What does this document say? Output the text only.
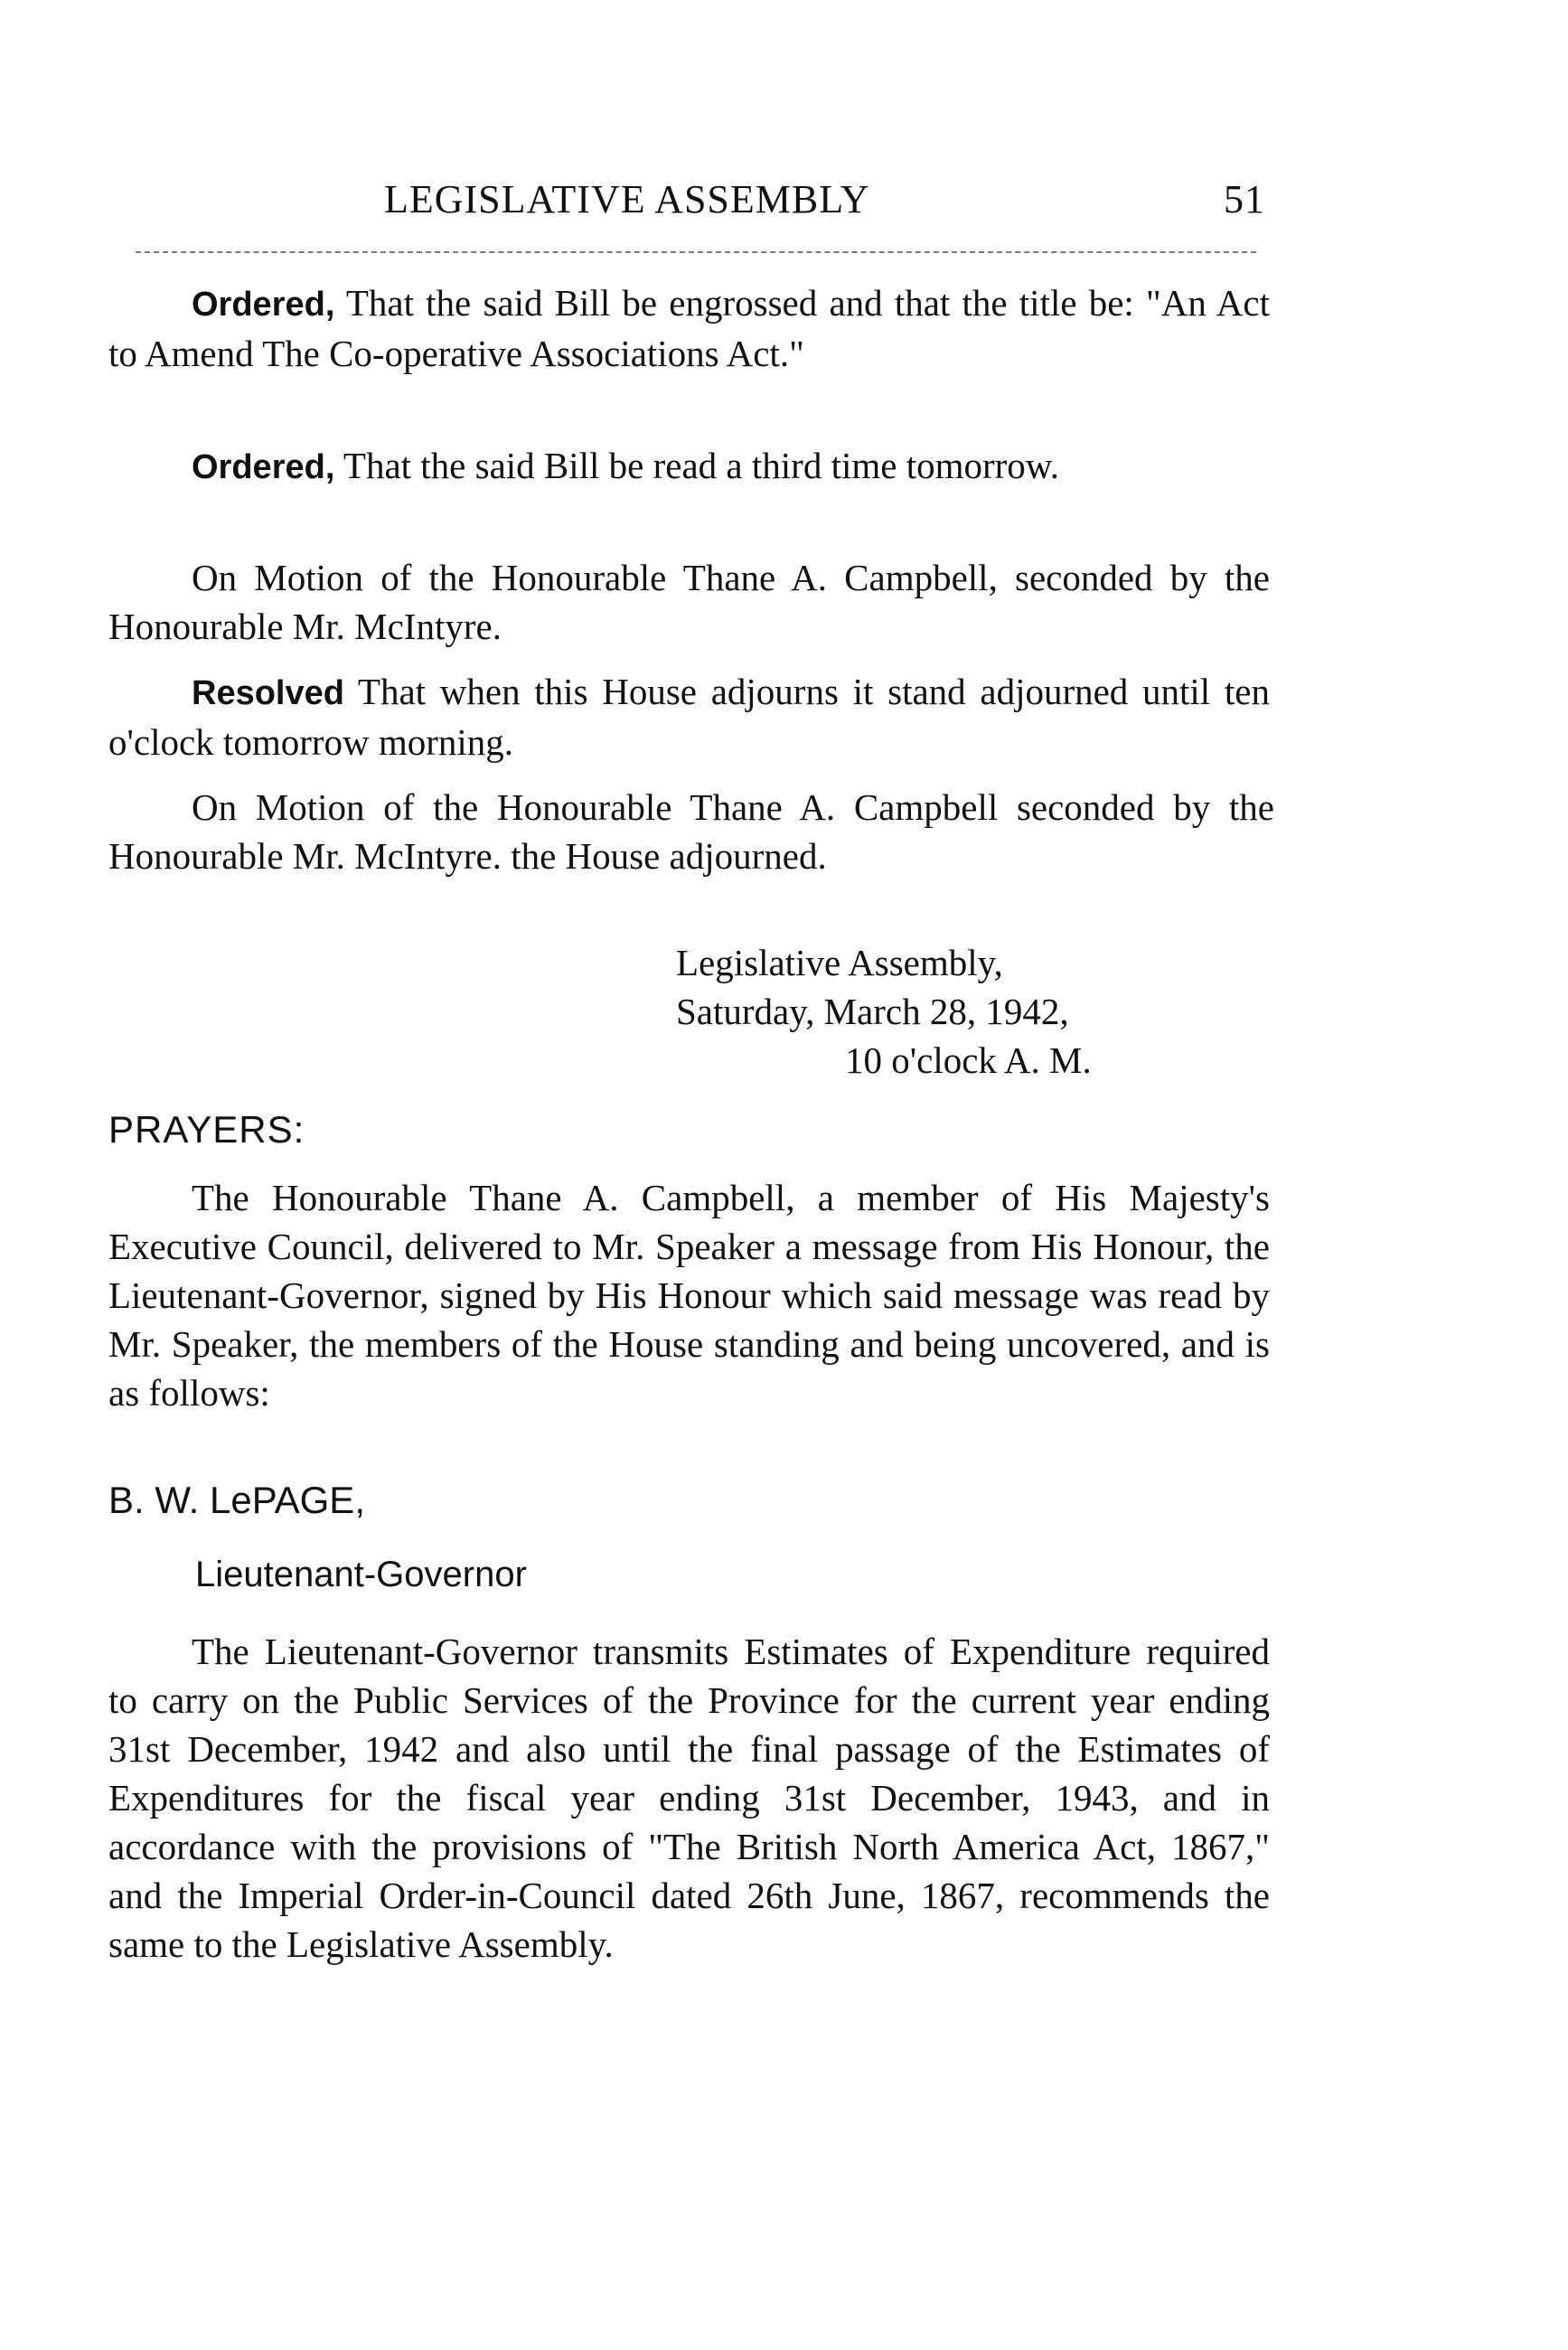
LEGISLATIVE ASSEMBLY	51

Ordered, That the said Bill be engrossed and that the title be: "An Act to Amend The Co-operative Associations Act."

Ordered, That the said Bill be read a third time tomorrow.

On Motion of the Honourable Thane A. Campbell, seconded by the Honourable Mr. McIntyre.

Resolved That when this House adjourns it stand adjourned until ten o'clock tomorrow morning.

On Motion of the Honourable Thane A. Campbell seconded by the Honourable Mr. McIntyre. the House adjourned.

Legislative Assembly,
Saturday, March 28, 1942,
10 o'clock A. M.
PRAYERS:

The Honourable Thane A. Campbell, a member of His Majesty's Executive Council, delivered to Mr. Speaker a message from His Honour, the Lieutenant-Governor, signed by His Honour which said message was read by Mr. Speaker, the members of the House standing and being uncovered, and is as follows:

B. W. LePAGE,
Lieutenant-Governor

The Lieutenant-Governor transmits Estimates of Expenditure required to carry on the Public Services of the Province for the current year ending 31st December, 1942 and also until the final passage of the Estimates of Expenditures for the fiscal year ending 31st December, 1943, and in accordance with the provisions of "The British North America Act, 1867," and the Imperial Order-in-Council dated 26th June, 1867, recommends the same to the Legislative Assembly.
